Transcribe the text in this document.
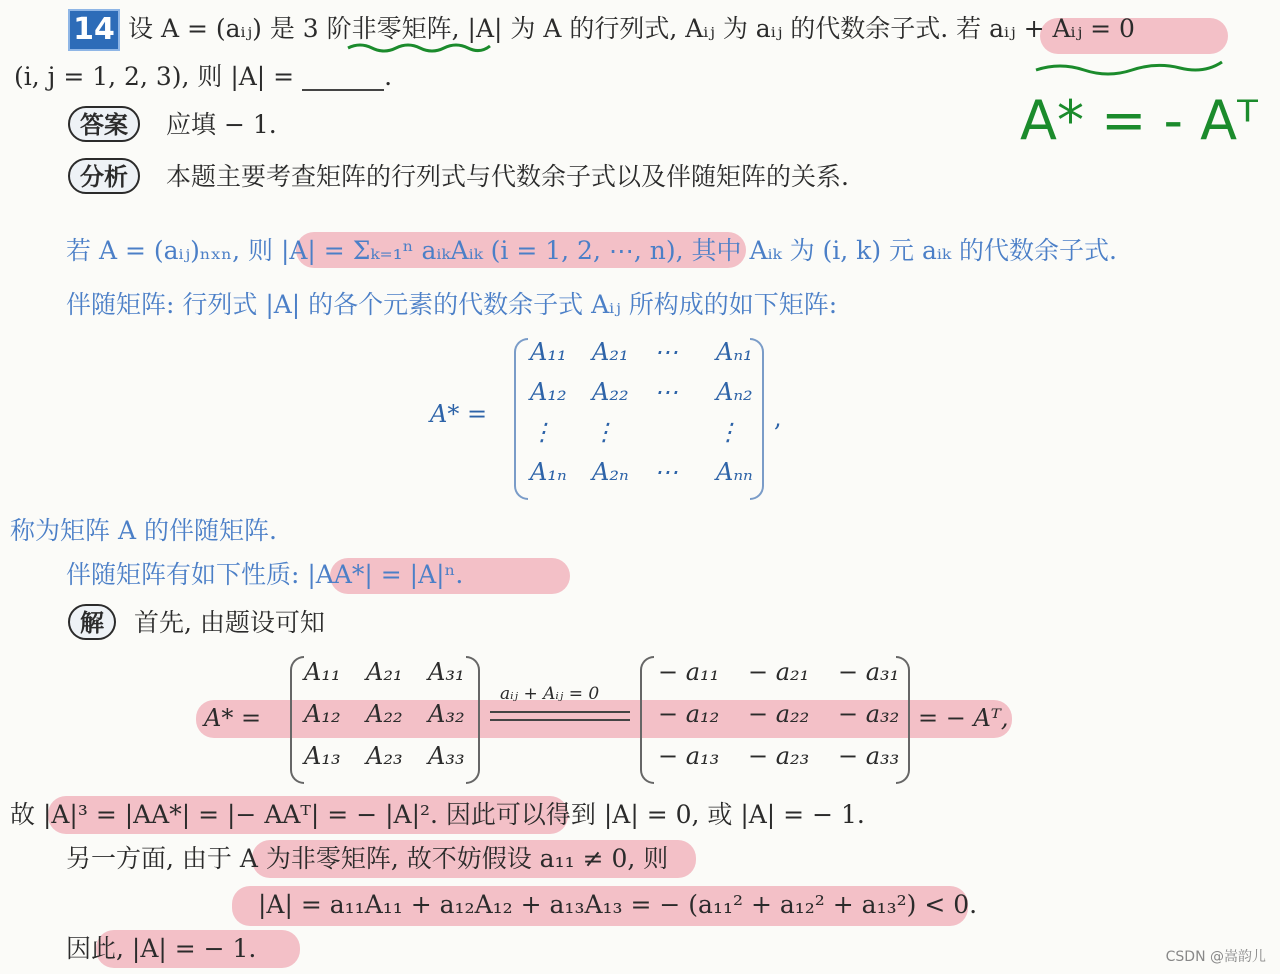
14 设 A = (aᵢⱼ) 是 3 阶非零矩阵, |A| 为 A 的行列式, Aᵢⱼ 为 aᵢⱼ 的代数余子式. 若 aᵢⱼ + Aᵢⱼ = 0
(i, j = 1, 2, 3), 则 |A| =	.
A* = - Aᵀ
答案	应填 − 1.
分析	本题主要考查矩阵的行列式与代数余子式以及伴随矩阵的关系.
若 A = (aᵢⱼ)ₙₓₙ, 则 |A| = Σₖ₌₁ⁿ aᵢₖAᵢₖ (i = 1, 2, ⋯, n), 其中 Aᵢₖ 为 (i, k) 元 aᵢₖ 的代数余子式.
伴随矩阵: 行列式 |A| 的各个元素的代数余子式 Aᵢⱼ 所构成的如下矩阵:
A* =
A₁₁ A₂₁ ⋯ Aₙ₁
A₁₂ A₂₂ ⋯ Aₙ₂
⋮ ⋮	⋮
A₁ₙ A₂ₙ ⋯ Aₙₙ
,
称为矩阵 A 的伴随矩阵.
伴随矩阵有如下性质: |AA*| = |A|ⁿ.
解	首先, 由题设可知
A* =
A₁₁ A₂₁ A₃₁
A₁₂ A₂₂ A₃₂
A₁₃ A₂₃ A₃₃
aᵢⱼ + Aᵢⱼ = 0
− a₁₁ − a₂₁ − a₃₁
− a₁₂ − a₂₂ − a₃₂
− a₁₃ − a₂₃ − a₃₃
= − Aᵀ,
故 |A|³ = |AA*| = |− AAᵀ| = − |A|². 因此可以得到 |A| = 0, 或 |A| = − 1.
另一方面, 由于 A 为非零矩阵, 故不妨假设 a₁₁ ≠ 0, 则
|A| = a₁₁A₁₁ + a₁₂A₁₂ + a₁₃A₁₃ = − (a₁₁² + a₁₂² + a₁₃²) < 0.
因此, |A| = − 1.	CSDN @嵩韵儿
